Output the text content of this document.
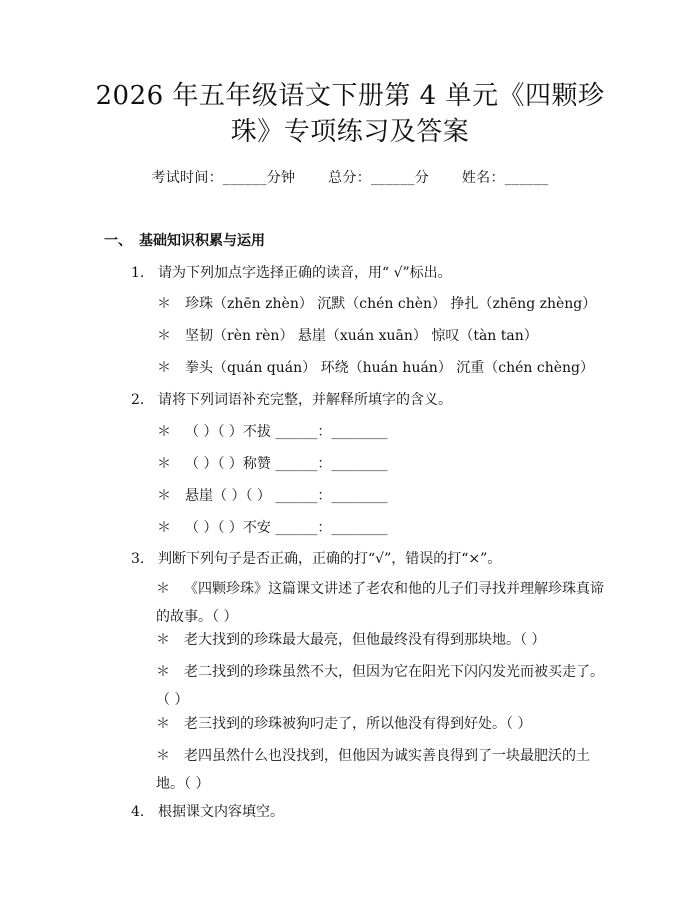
2026 年五年级语文下册第 4 单元《四颗珍
珠》专项练习及答案
考试时间：______分钟 总分：______分 姓名：______
一、　基础知识积累与运用
1. 请为下列加点字选择正确的读音，用“ √”标出。
＊ 珍珠（zhēn zhèn） 沉默（chén chèn） 挣扎（zhēng zhèng）
＊ 坚韧（rèn rèn） 悬崖（xuán xuān） 惊叹（tàn tan）
＊ 拳头（quán quán） 环绕（huán huán） 沉重（chén chèng）
2. 请将下列词语补充完整，并解释所填字的含义。
＊ （ ）（ ）不拔 ______：________
＊ （ ）（ ）称赞 ______：________
＊ 悬崖（ ）（ ） ______：________
＊ （ ）（ ）不安 ______：________
3. 判断下列句子是否正确，正确的打“√”，错误的打“×”。
＊ 《四颗珍珠》这篇课文讲述了老农和他的儿子们寻找并理解珍珠真谛的故事。（ ）
＊ 老大找到的珍珠最大最亮，但他最终没有得到那块地。（ ）
＊ 老二找到的珍珠虽然不大，但因为它在阳光下闪闪发光而被买走了。（ ）
＊ 老三找到的珍珠被狗叼走了，所以他没有得到好处。（ ）
＊ 老四虽然什么也没找到，但他因为诚实善良得到了一块最肥沃的土地。（ ）
4. 根据课文内容填空。
